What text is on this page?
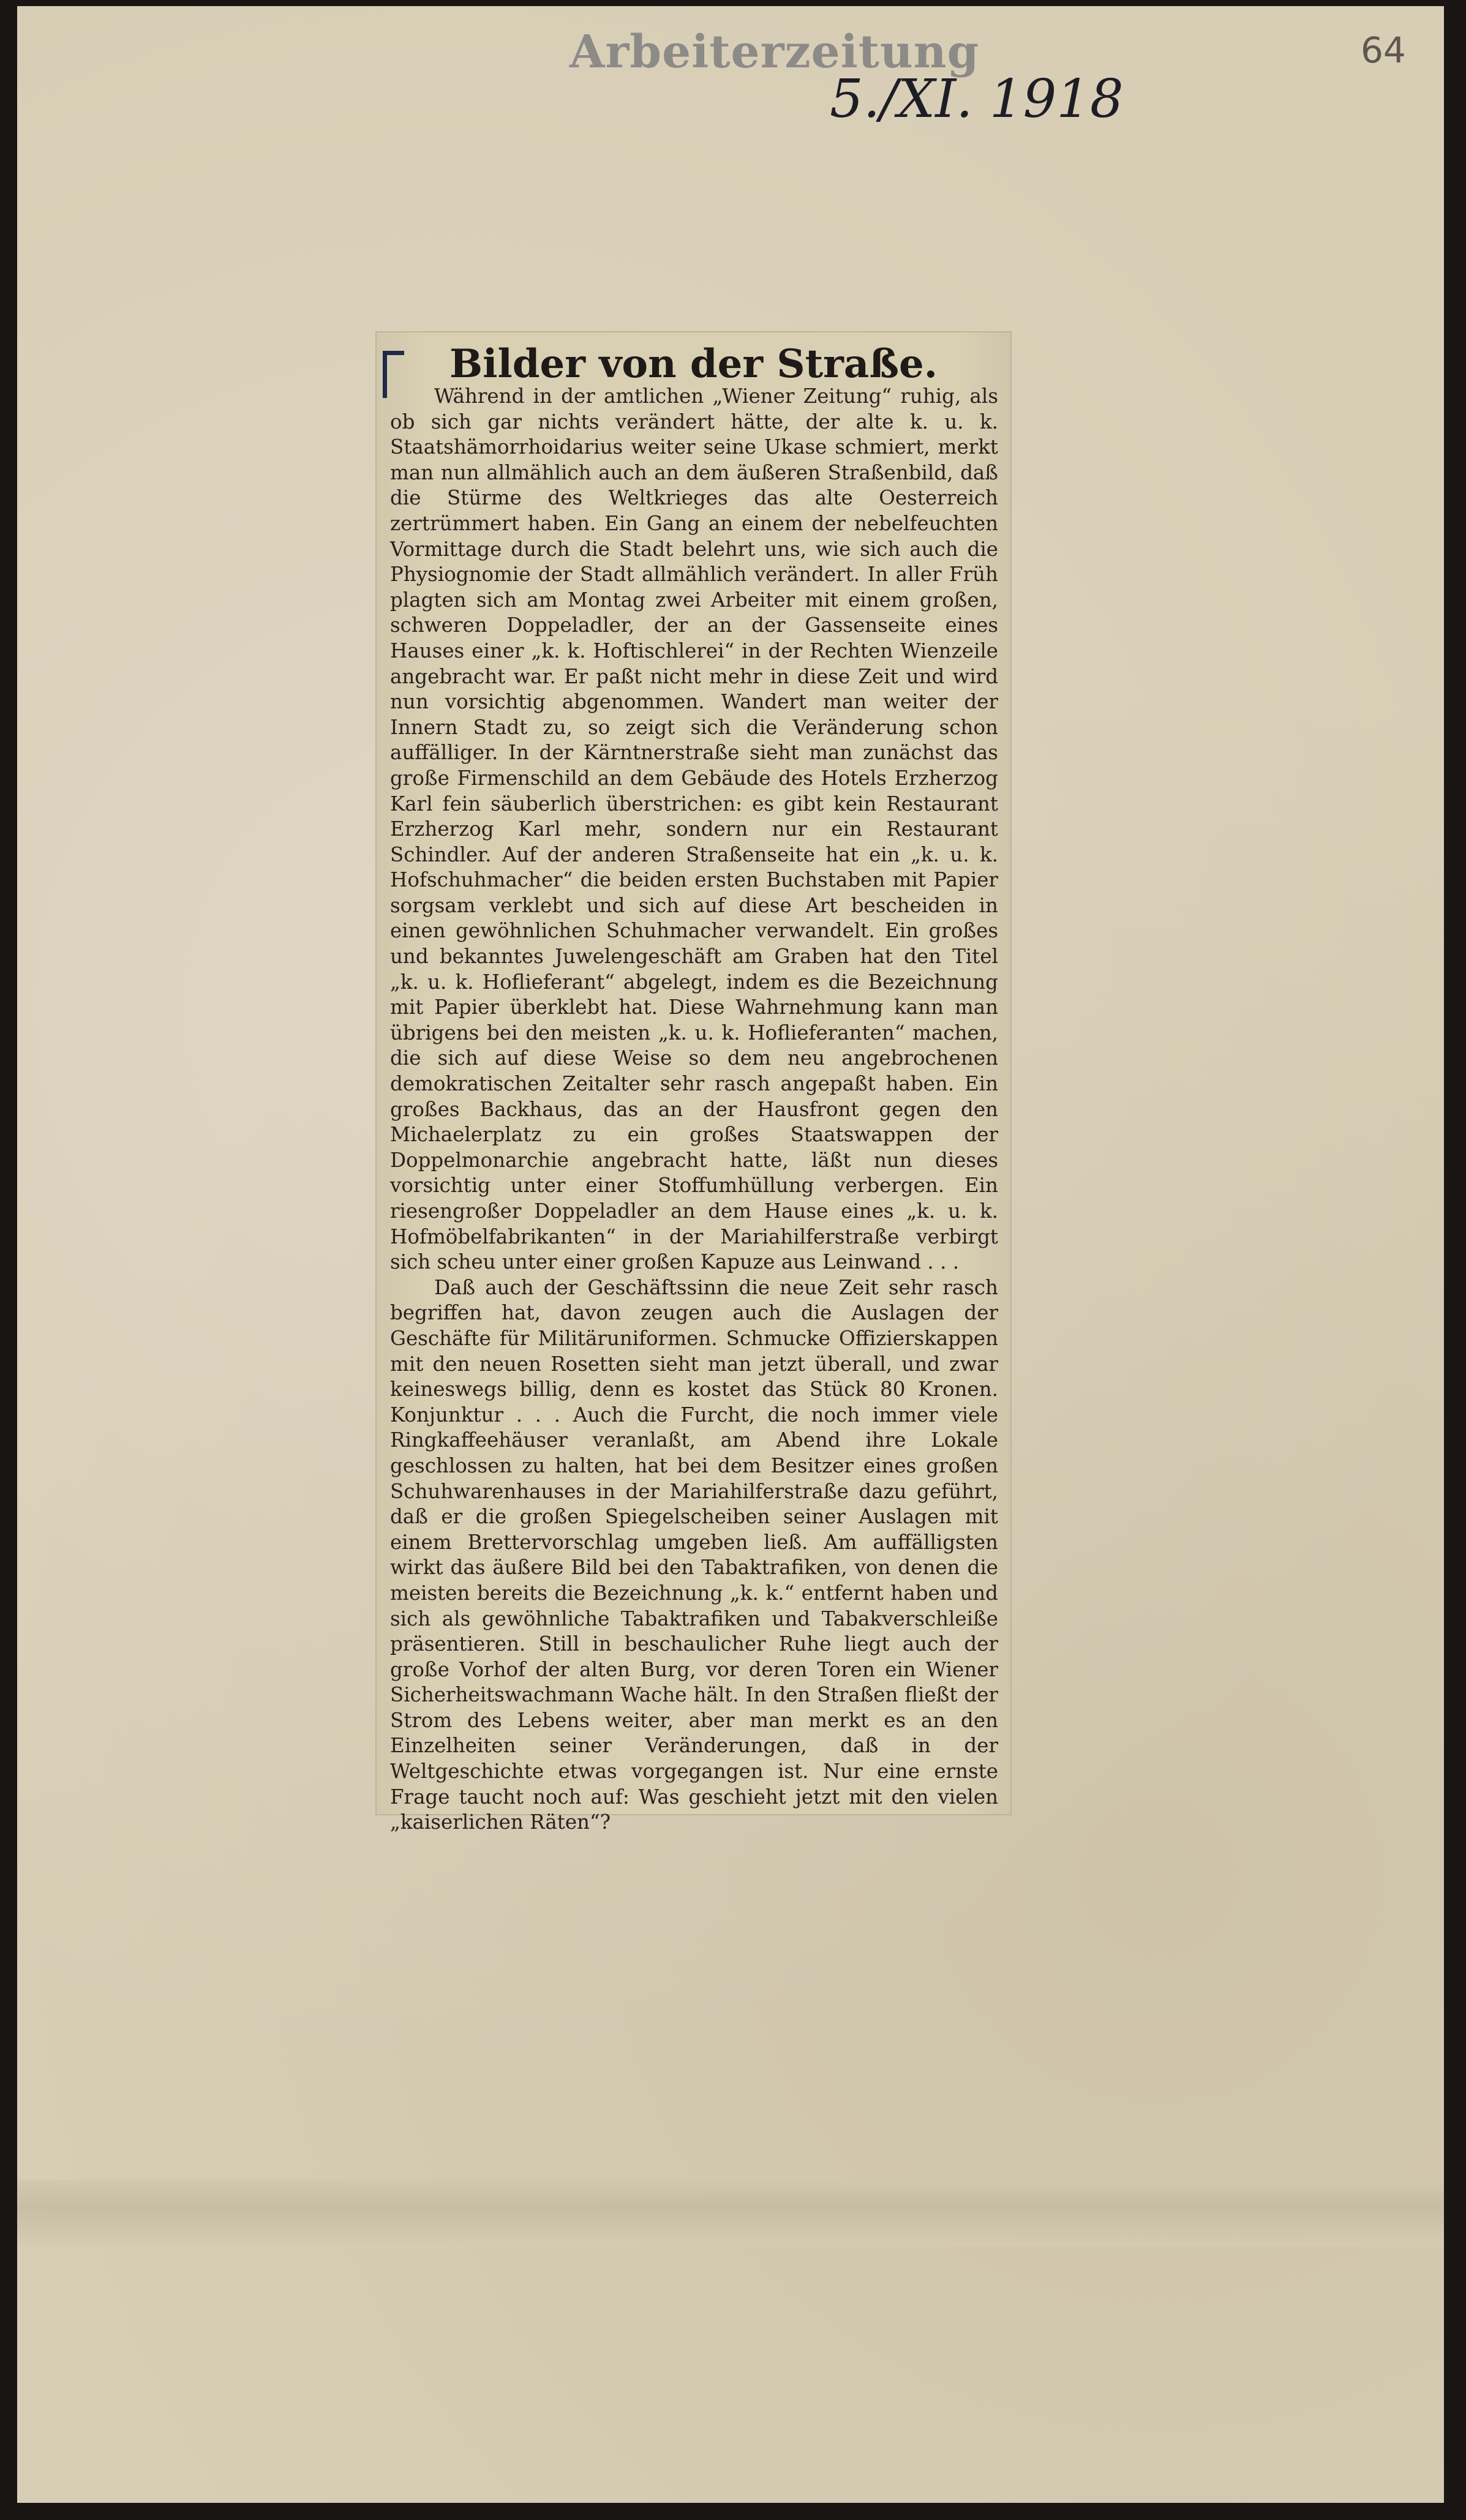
Arbeiterzeitung
5./XI. 1918
64
Bilder von der Straße.

Während in der amtlichen „Wiener Zeitung“ ruhig, als ob sich gar nichts verändert hätte, der alte k. u. k. Staatshämorrhoidarius weiter seine Ukase schmiert, merkt man nun allmählich auch an dem äußeren Straßenbild, daß die Stürme des Weltkrieges das alte Oesterreich zertrümmert haben. Ein Gang an einem der nebelfeuchten Vormittage durch die Stadt belehrt uns, wie sich auch die Physiognomie der Stadt allmählich verändert. In aller Früh plagten sich am Montag zwei Arbeiter mit einem großen, schweren Doppeladler, der an der Gassenseite eines Hauses einer „k. k. Hoftischlerei“ in der Rechten Wienzeile angebracht war. Er paßt nicht mehr in diese Zeit und wird nun vorsichtig abgenommen. Wandert man weiter der Innern Stadt zu, so zeigt sich die Veränderung schon auffälliger. In der Kärntnerstraße sieht man zunächst das große Firmenschild an dem Gebäude des Hotels Erzherzog Karl fein säuberlich überstrichen: es gibt kein Restaurant Erzherzog Karl mehr, sondern nur ein Restaurant Schindler. Auf der anderen Straßenseite hat ein „k. u. k. Hofschuhmacher“ die beiden ersten Buchstaben mit Papier sorgsam verklebt und sich auf diese Art bescheiden in einen gewöhnlichen Schuhmacher verwandelt. Ein großes und bekanntes Juwelengeschäft am Graben hat den Titel „k. u. k. Hoflieferant“ abgelegt, indem es die Bezeichnung mit Papier überklebt hat. Diese Wahrnehmung kann man übrigens bei den meisten „k. u. k. Hoflieferanten“ machen, die sich auf diese Weise so dem neu angebrochenen demokratischen Zeitalter sehr rasch angepaßt haben. Ein großes Backhaus, das an der Hausfront gegen den Michaelerplatz zu ein großes Staatswappen der Doppelmonarchie angebracht hatte, läßt nun dieses vorsichtig unter einer Stoffumhüllung verbergen. Ein riesengroßer Doppeladler an dem Hause eines „k. u. k. Hofmöbelfabrikanten“ in der Mariahilferstraße verbirgt sich scheu unter einer großen Kapuze aus Leinwand . . .

Daß auch der Geschäftssinn die neue Zeit sehr rasch begriffen hat, davon zeugen auch die Auslagen der Geschäfte für Militäruniformen. Schmucke Offizierskappen mit den neuen Rosetten sieht man jetzt überall, und zwar keineswegs billig, denn es kostet das Stück 80 Kronen. Konjunktur . . . Auch die Furcht, die noch immer viele Ringkaffeehäuser veranlaßt, am Abend ihre Lokale geschlossen zu halten, hat bei dem Besitzer eines großen Schuhwarenhauses in der Mariahilferstraße dazu geführt, daß er die großen Spiegelscheiben seiner Auslagen mit einem Brettervorschlag umgeben ließ. Am auffälligsten wirkt das äußere Bild bei den Tabaktrafiken, von denen die meisten bereits die Bezeichnung „k. k.“ entfernt haben und sich als gewöhnliche Tabaktrafiken und Tabakverschleiße präsentieren. Still in beschaulicher Ruhe liegt auch der große Vorhof der alten Burg, vor deren Toren ein Wiener Sicherheitswachmann Wache hält. In den Straßen fließt der Strom des Lebens weiter, aber man merkt es an den Einzelheiten seiner Veränderungen, daß in der Weltgeschichte etwas vorgegangen ist. Nur eine ernste Frage taucht noch auf: Was geschieht jetzt mit den vielen „kaiserlichen Räten“?
